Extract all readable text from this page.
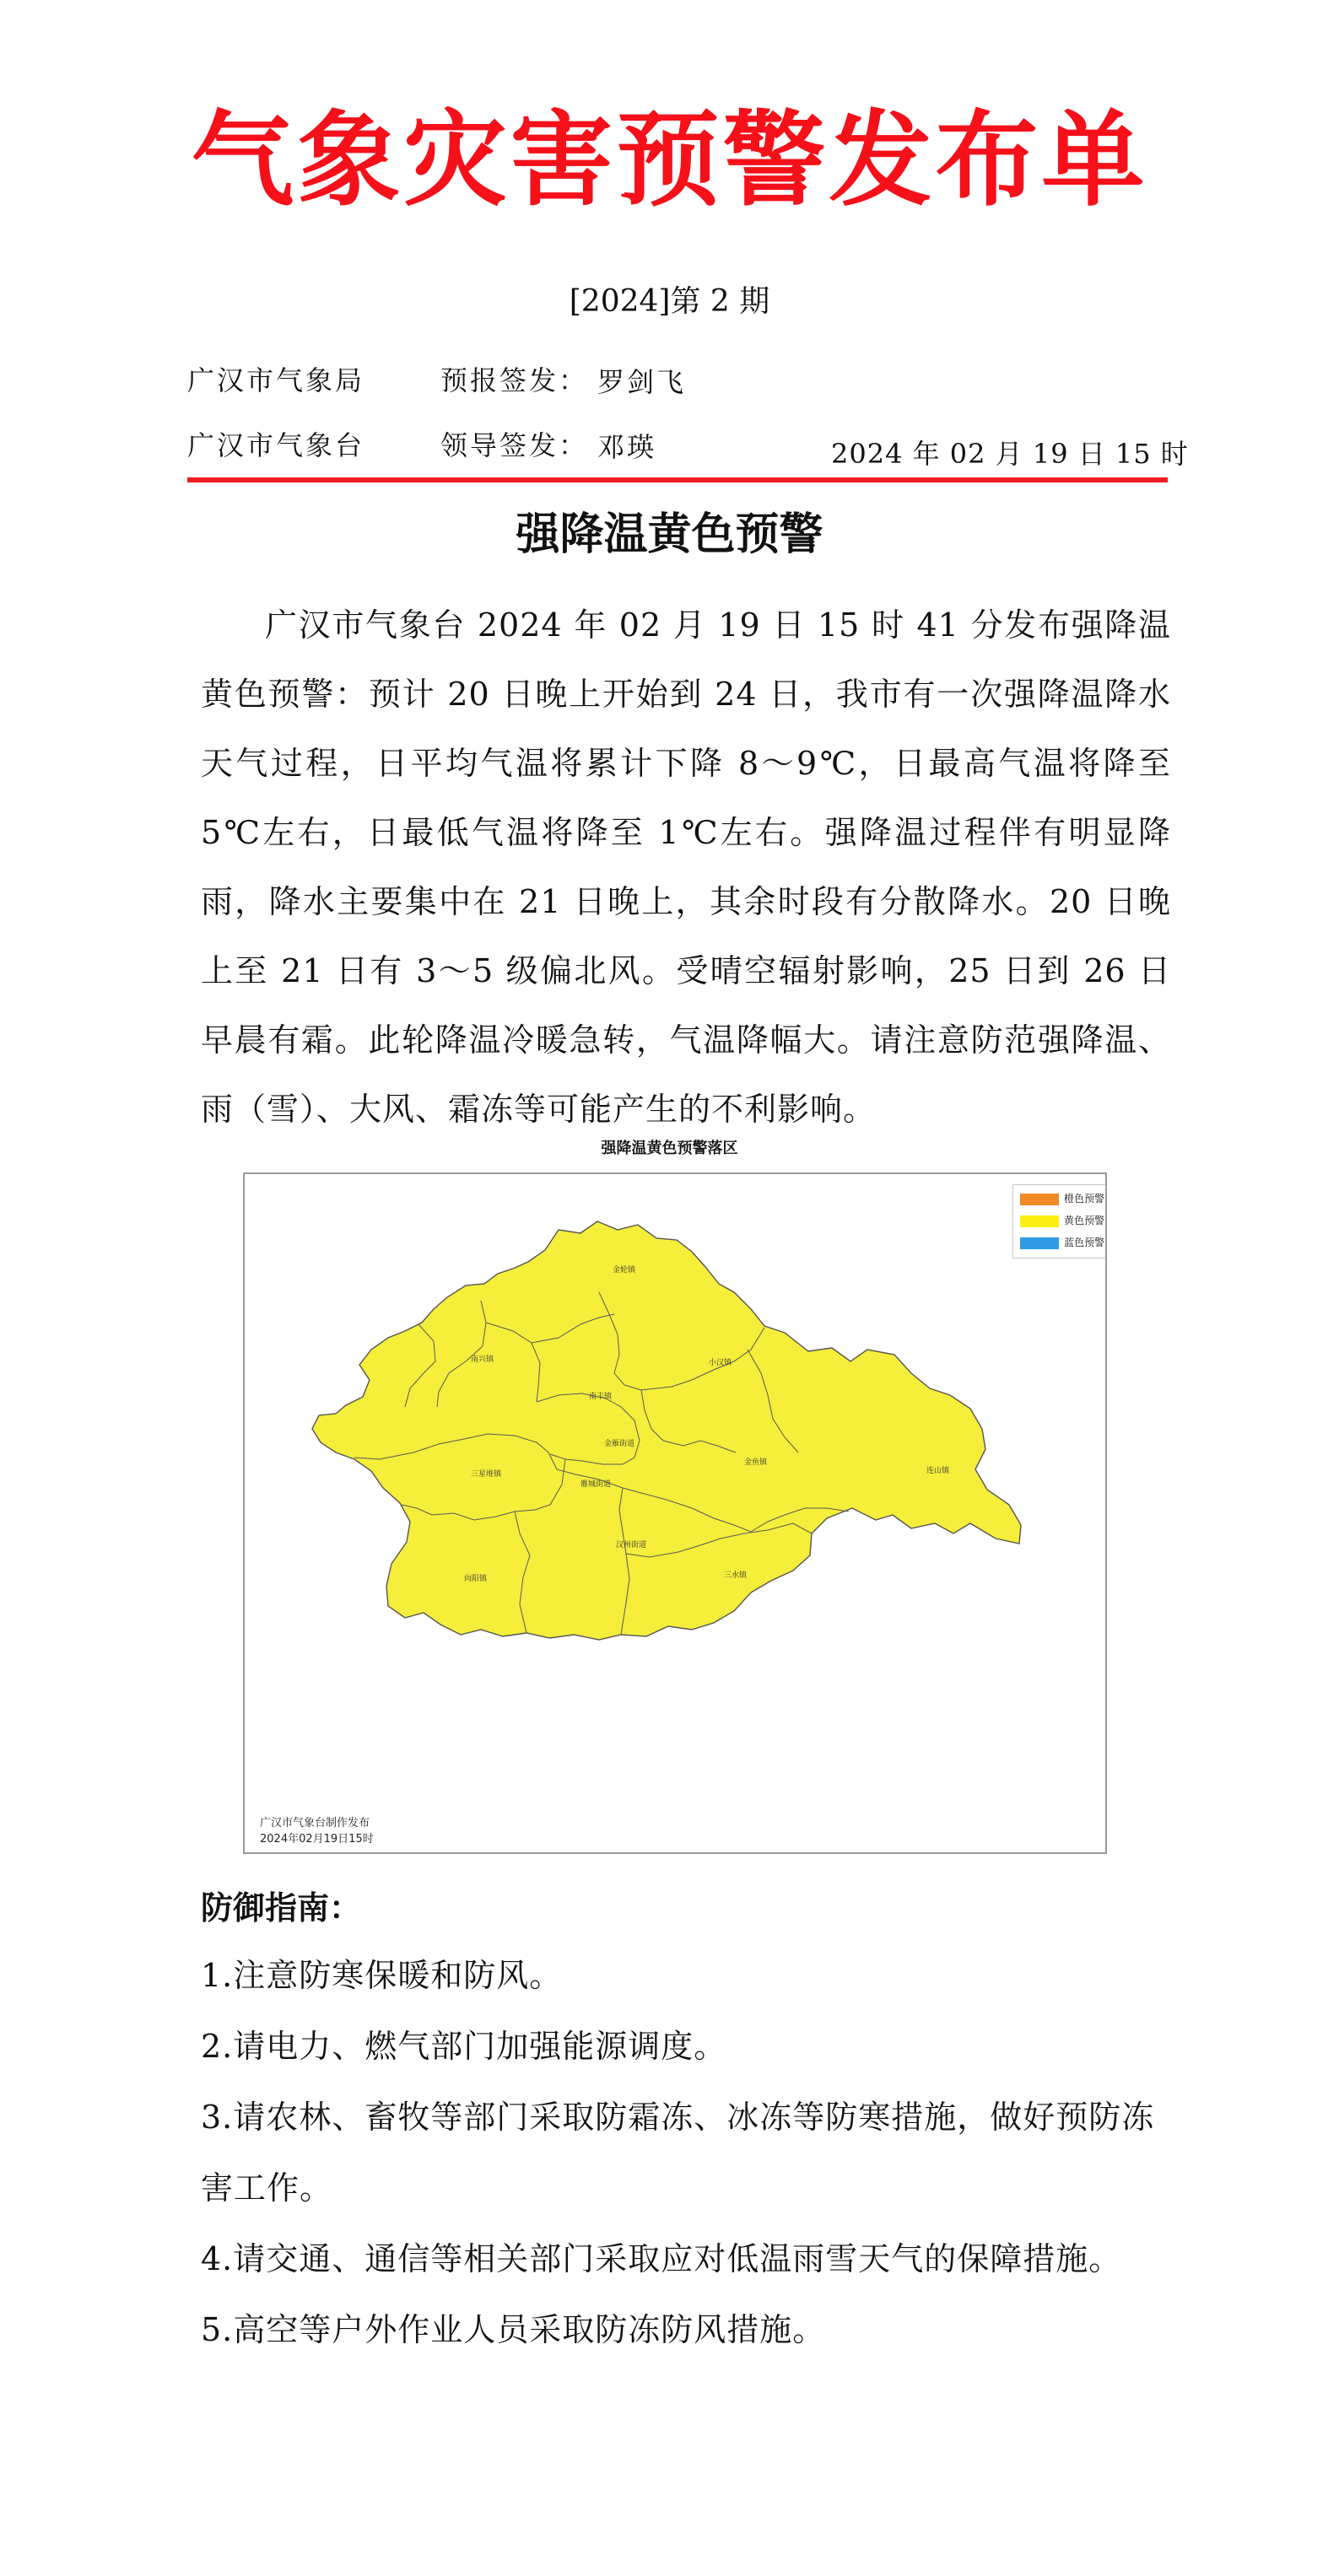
气象灾害预警发布单
[2024]第 2 期
广汉市气象局	预报签发： 罗剑飞
广汉市气象台	领导签发： 邓瑛	2024 年 02 月 19 日 15 时
强降温黄色预警

广汉市气象台 2024 年 02 月 19 日 15 时 41 分发布强降温黄色预警：预计 20 日晚上开始到 24 日，我市有一次强降温降水天气过程，日平均气温将累计下降 8～9℃，日最高气温将降至 5℃左右，日最低气温将降至 1℃左右。强降温过程伴有明显降雨，降水主要集中在 21 日晚上，其余时段有分散降水。20 日晚上至 21 日有 3～5 级偏北风。受晴空辐射影响，25 日到 26 日早晨有霜。此轮降温冷暖急转，气温降幅大。请注意防范强降温、雨（雪）、大风、霜冻等可能产生的不利影响。

强降温黄色预警落区
金轮镇
南兴镇	小汉镇
南丰镇
金雁街道
金鱼镇
连山镇
三星堆镇
雒城街道
汉州街道
向阳镇	三水镇
橙色预警
黄色预警
蓝色预警
广汉市气象台制作发布
2024年02月19日15时
防御指南：

1.注意防寒保暖和防风。

2.请电力、燃气部门加强能源调度。

3.请农林、畜牧等部门采取防霜冻、冰冻等防寒措施，做好预防冻害工作。

4.请交通、通信等相关部门采取应对低温雨雪天气的保障措施。

5.高空等户外作业人员采取防冻防风措施。
